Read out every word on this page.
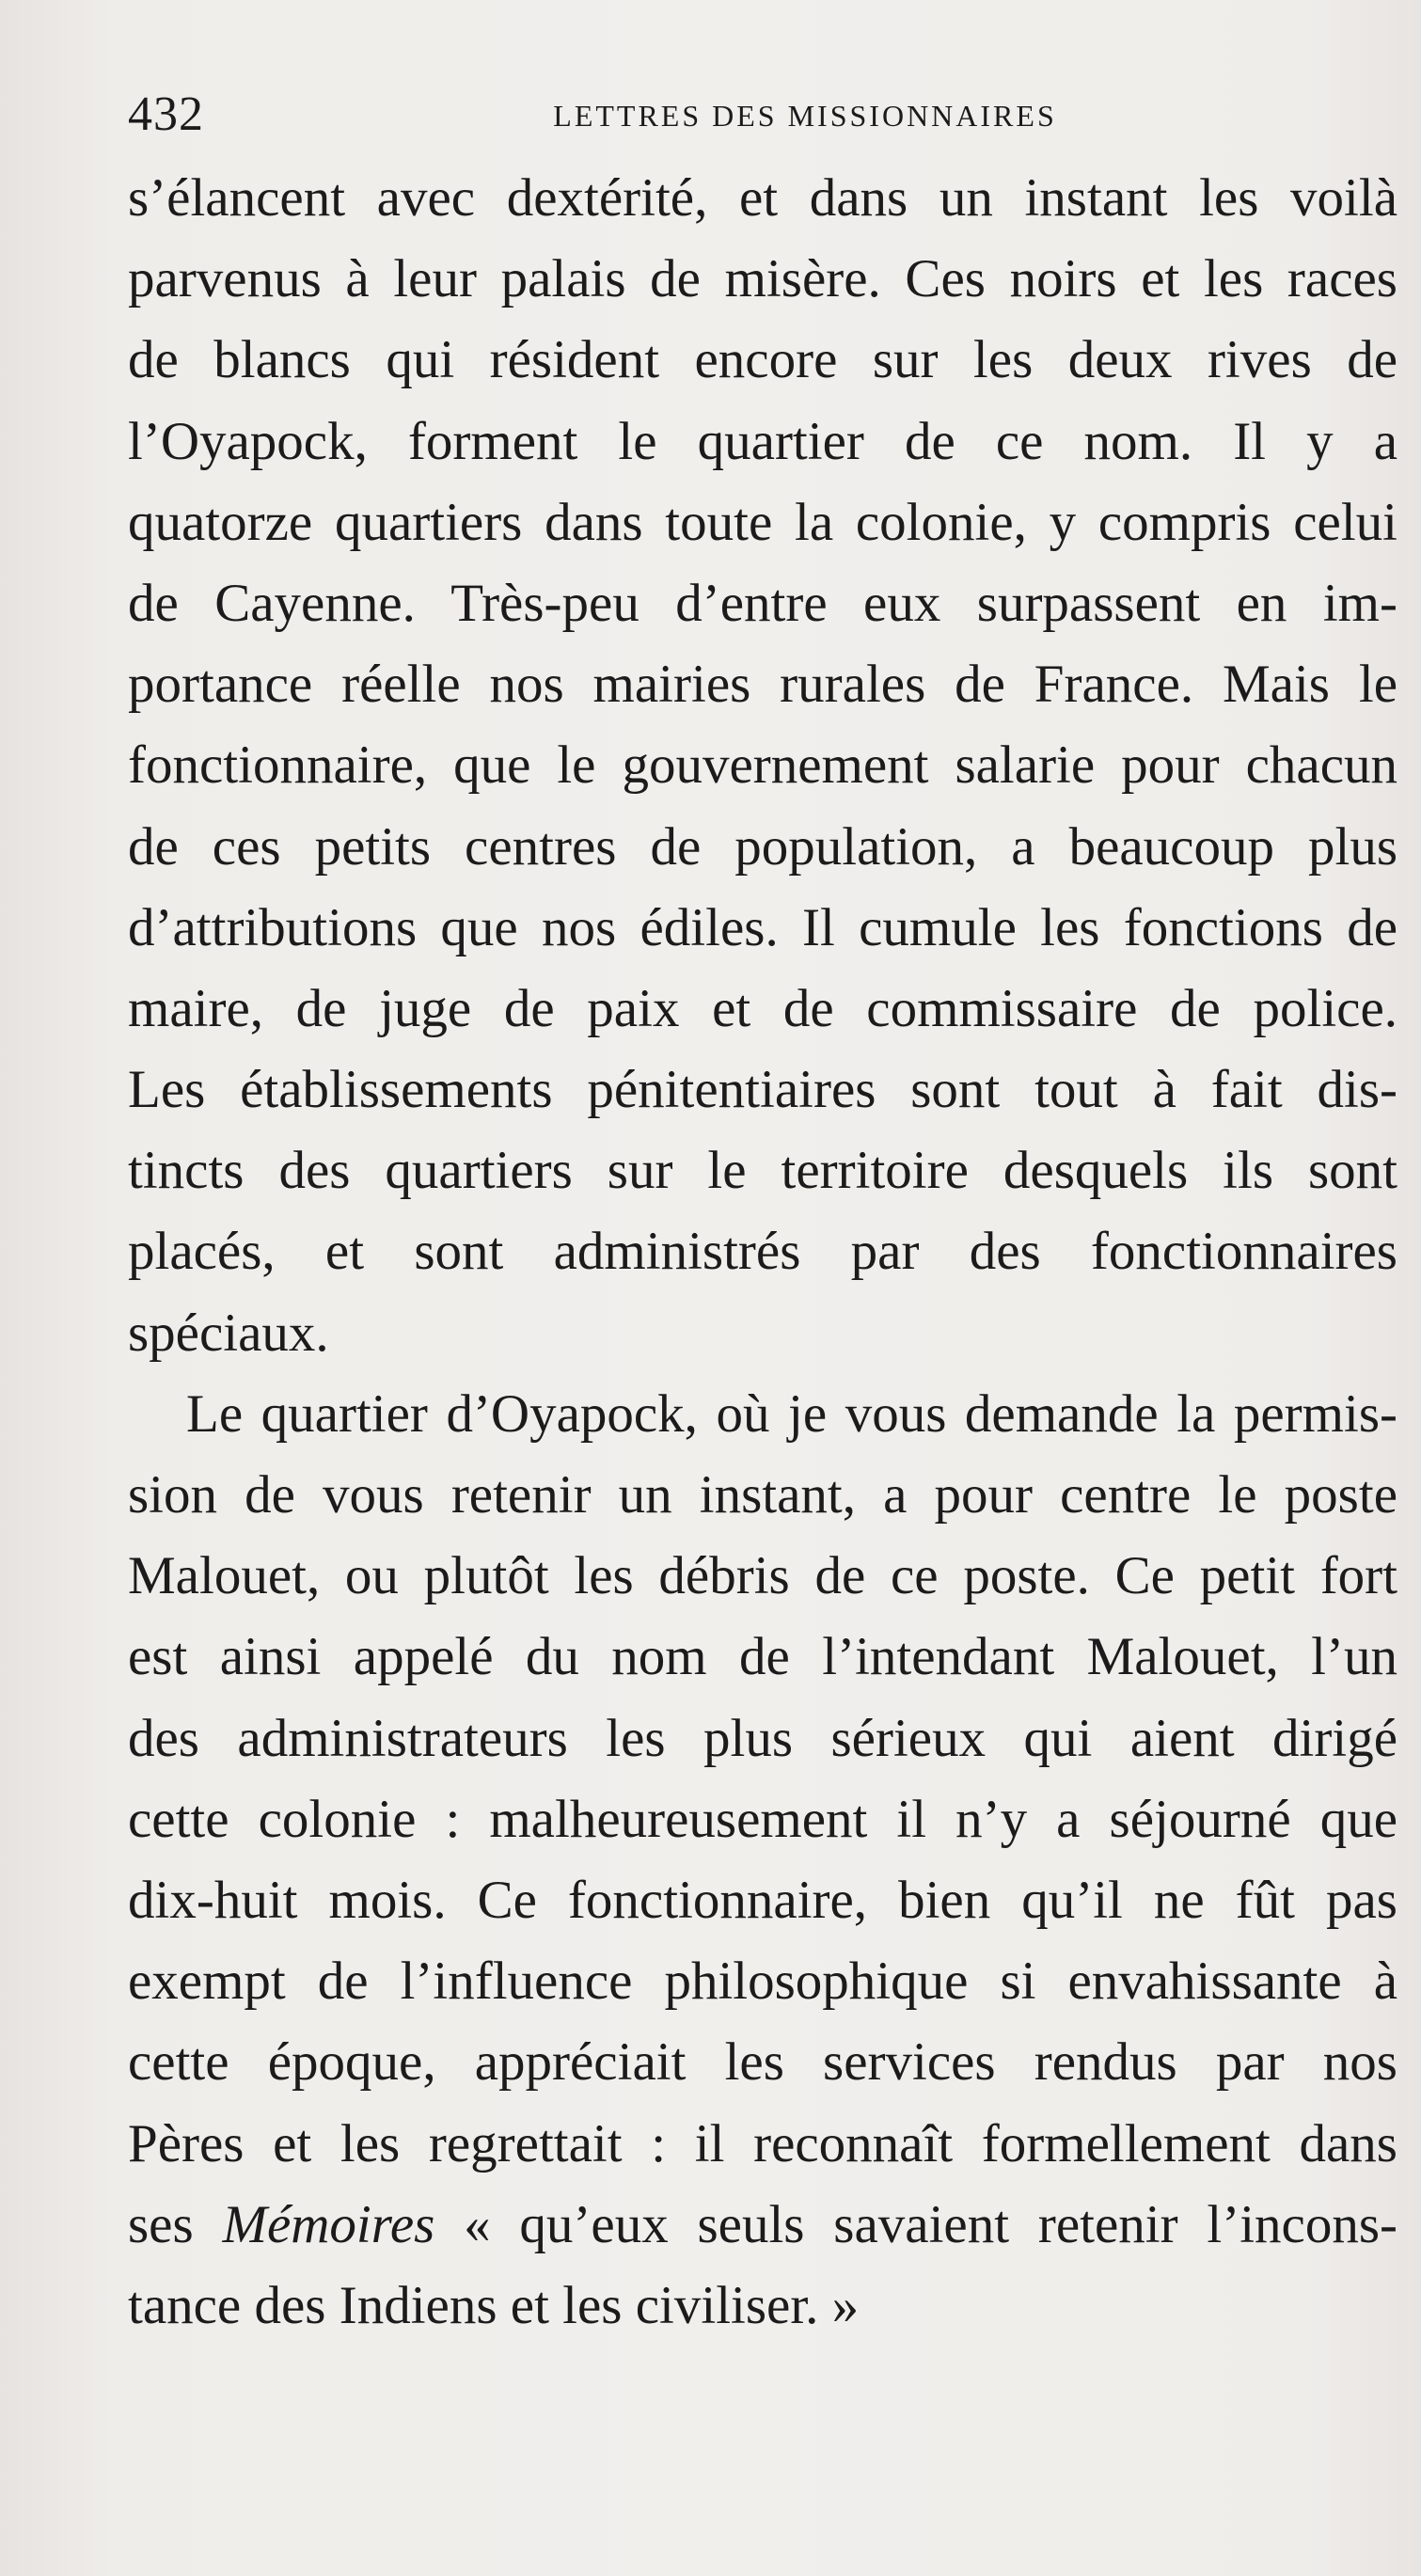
432	LETTRES DES MISSIONNAIRES
s’élancent avec dextérité, et dans un instant les voilà
parvenus à leur palais de misère. Ces noirs et les races
de blancs qui résident encore sur les deux rives de
l’Oyapock, forment le quartier de ce nom. Il y a
quatorze quartiers dans toute la colonie, y compris celui
de Cayenne. Très-peu d’entre eux surpassent en im-
portance réelle nos mairies rurales de France. Mais le
fonctionnaire, que le gouvernement salarie pour chacun
de ces petits centres de population, a beaucoup plus
d’attributions que nos édiles. Il cumule les fonctions de
maire, de juge de paix et de commissaire de police.
Les établissements pénitentiaires sont tout à fait dis-
tincts des quartiers sur le territoire desquels ils sont
placés, et sont administrés par des fonctionnaires
spéciaux.
Le quartier d’Oyapock, où je vous demande la permis-
sion de vous retenir un instant, a pour centre le poste
Malouet, ou plutôt les débris de ce poste. Ce petit fort
est ainsi appelé du nom de l’intendant Malouet, l’un
des administrateurs les plus sérieux qui aient dirigé
cette colonie : malheureusement il n’y a séjourné que
dix-huit mois. Ce fonctionnaire, bien qu’il ne fût pas
exempt de l’influence philosophique si envahissante à
cette époque, appréciait les services rendus par nos
Pères et les regrettait : il reconnaît formellement dans
ses Mémoires « qu’eux seuls savaient retenir l’incons-
tance des Indiens et les civiliser. »
